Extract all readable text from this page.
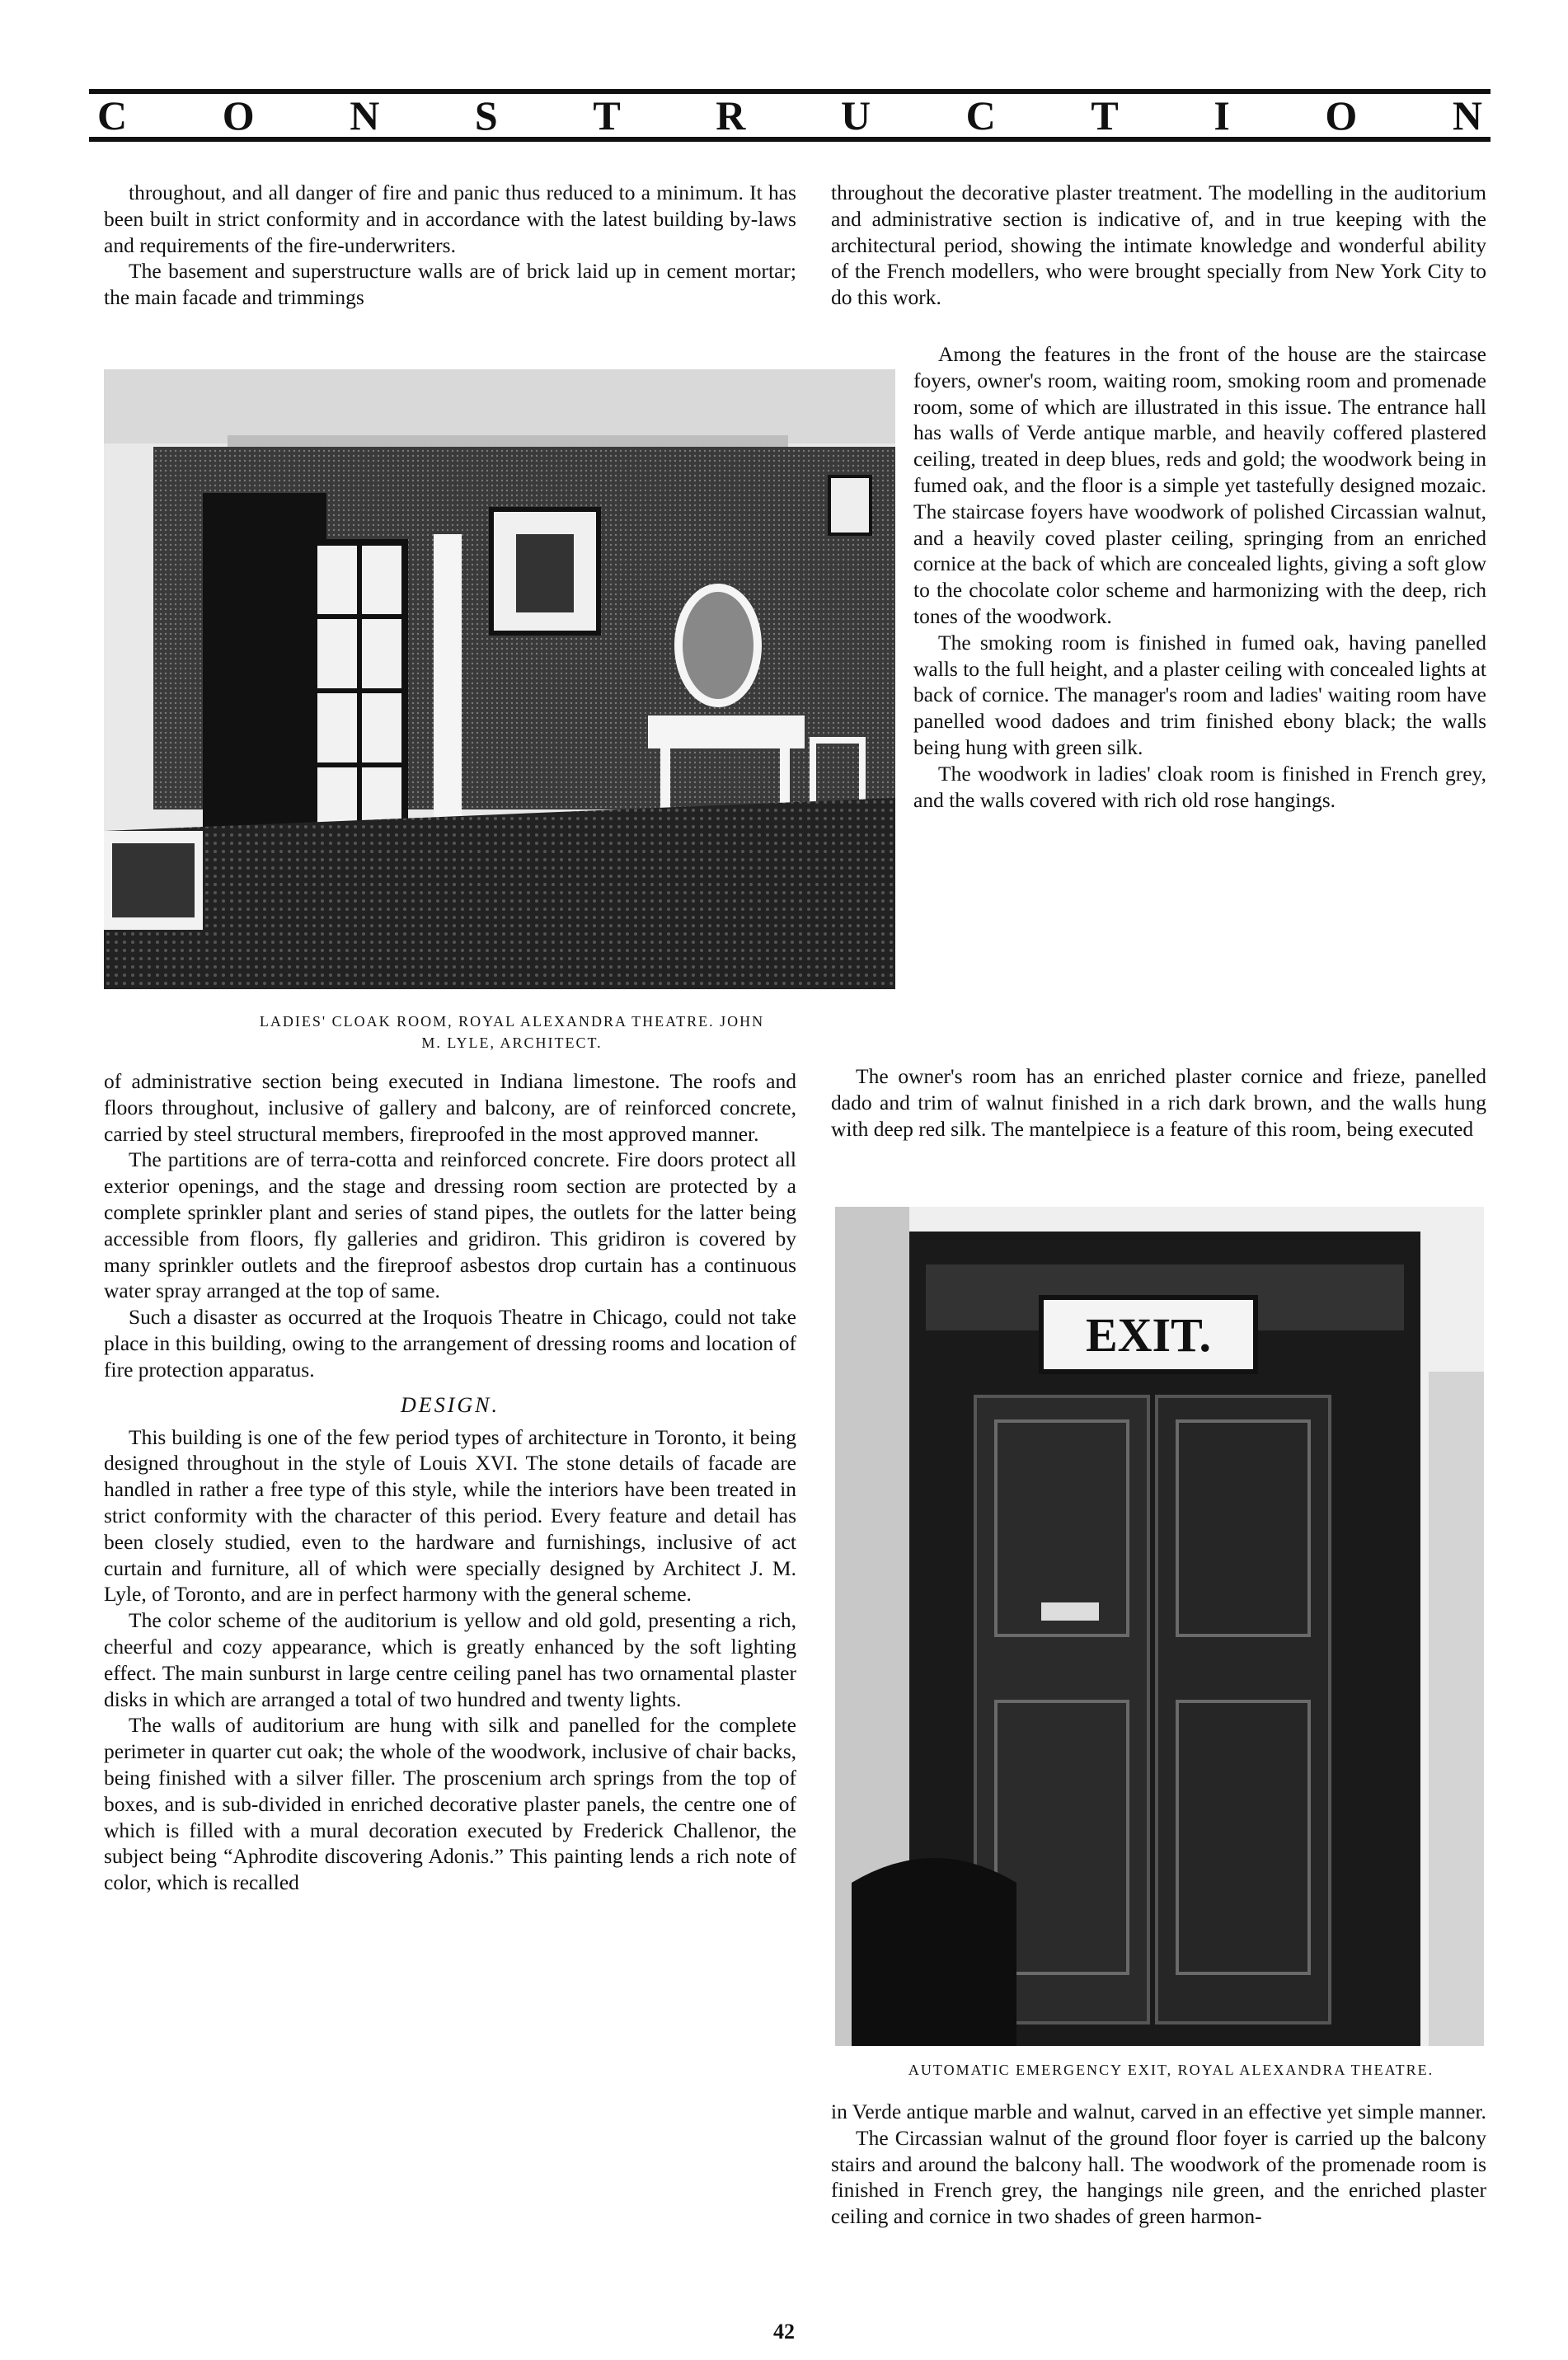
C O N S T R U C T I O N

throughout, and all danger of fire and panic thus reduced to a minimum. It has been built in strict conformity and in accordance with the latest building by-laws and requirements of the fire-underwriters.

The basement and superstructure walls are of brick laid up in cement mortar; the main facade and trimmings

LADIES' CLOAK ROOM, ROYAL ALEXANDRA THEATRE. JOHN

M. LYLE, ARCHITECT.

of administrative section being executed in Indiana limestone. The roofs and floors throughout, inclusive of gallery and balcony, are of reinforced concrete, carried by steel structural members, fireproofed in the most approved manner.

The partitions are of terra-cotta and reinforced concrete. Fire doors protect all exterior openings, and the stage and dressing room section are protected by a complete sprinkler plant and series of stand pipes, the outlets for the latter being accessible from floors, fly galleries and gridiron. This gridiron is covered by many sprinkler outlets and the fireproof asbestos drop curtain has a continuous water spray arranged at the top of same.

Such a disaster as occurred at the Iroquois Theatre in Chicago, could not take place in this building, owing to the arrangement of dressing rooms and location of fire protection apparatus.

DESIGN.

This building is one of the few period types of architecture in Toronto, it being designed throughout in the style of Louis XVI. The stone details of facade are handled in rather a free type of this style, while the interiors have been treated in strict conformity with the character of this period. Every feature and detail has been closely studied, even to the hardware and furnishings, inclusive of act curtain and furniture, all of which were specially designed by Architect J. M. Lyle, of Toronto, and are in perfect harmony with the general scheme.

The color scheme of the auditorium is yellow and old gold, presenting a rich, cheerful and cozy appearance, which is greatly enhanced by the soft lighting effect. The main sunburst in large centre ceiling panel has two ornamental plaster disks in which are arranged a total of two hundred and twenty lights.

The walls of auditorium are hung with silk and panelled for the complete perimeter in quarter cut oak; the whole of the woodwork, inclusive of chair backs, being finished with a silver filler. The proscenium arch springs from the top of boxes, and is sub-divided in enriched decorative plaster panels, the centre one of which is filled with a mural decoration executed by Frederick Challenor, the subject being “Aphrodite discovering Adonis.” This painting lends a rich note of color, which is recalled

throughout the decorative plaster treatment. The modelling in the auditorium and administrative section is indicative of, and in true keeping with the architectural period, showing the intimate knowledge and wonderful ability of the French modellers, who were brought specially from New York City to do this work.

Among the features in the front of the house are the staircase foyers, owner's room, waiting room, smoking room and promenade room, some of which are illustrated in this issue. The entrance hall has walls of Verde antique marble, and heavily coffered plastered ceiling, treated in deep blues, reds and gold; the woodwork being in fumed oak, and the floor is a simple yet tastefully designed mozaic. The staircase foyers have woodwork of polished Circassian walnut, and a heavily coved plaster ceiling, springing from an enriched cornice at the back of which are concealed lights, giving a soft glow to the chocolate color scheme and harmonizing with the deep, rich tones of the woodwork.

The smoking room is finished in fumed oak, having panelled walls to the full height, and a plaster ceiling with concealed lights at back of cornice. The manager's room and ladies' waiting room have panelled wood dadoes and trim finished ebony black; the walls being hung with green silk.

The woodwork in ladies' cloak room is finished in French grey, and the walls covered with rich old rose hangings.

The owner's room has an enriched plaster cornice and frieze, panelled dado and trim of walnut finished in a rich dark brown, and the walls hung with deep red silk. The mantelpiece is a feature of this room, being executed

EXIT.

AUTOMATIC EMERGENCY EXIT, ROYAL ALEXANDRA THEATRE.

in Verde antique marble and walnut, carved in an effective yet simple manner.

The Circassian walnut of the ground floor foyer is carried up the balcony stairs and around the balcony hall. The woodwork of the promenade room is finished in French grey, the hangings nile green, and the enriched plaster ceiling and cornice in two shades of green harmon-

42
